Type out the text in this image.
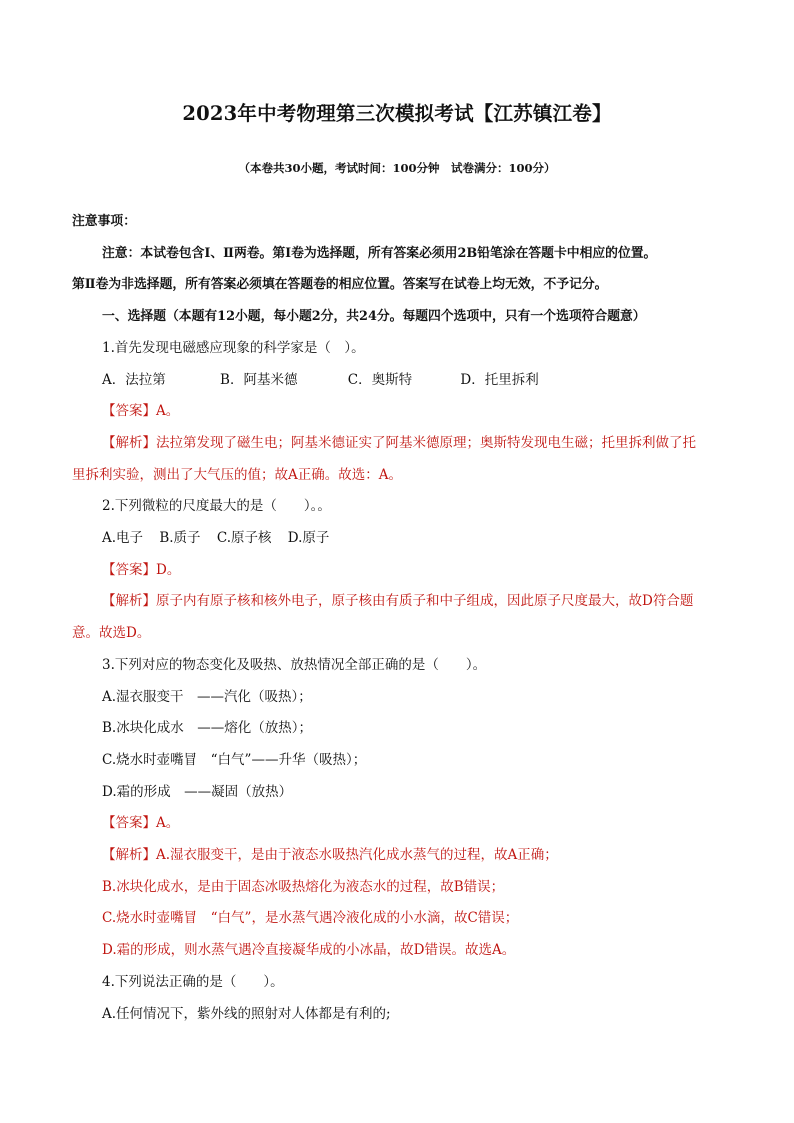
2023年中考物理第三次模拟考试【江苏镇江卷】
（本卷共30小题，考试时间：100分钟　试卷满分：100分）
注意事项：
注意：本试卷包含Ⅰ、Ⅱ两卷。第Ⅰ卷为选择题，所有答案必须用2B铅笔涂在答题卡中相应的位置。
第Ⅱ卷为非选择题，所有答案必须填在答题卷的相应位置。答案写在试卷上均无效，不予记分。
一、选择题（本题有12小题，每小题2分，共24分。每题四个选项中，只有一个选项符合题意）
1.首先发现电磁感应现象的科学家是（　）。
A．法拉第	B．阿基米德	C．奥斯特	D．托里拆利
【答案】A。
【解析】法拉第发现了磁生电；阿基米德证实了阿基米德原理；奥斯特发现电生磁；托里拆利做了托
里拆利实验，测出了大气压的值；故A正确。故选：A。
2.下列微粒的尺度最大的是（　　）。。
A.电子 B.质子 C.原子核 D.原子
【答案】D。
【解析】原子内有原子核和核外电子，原子核由有质子和中子组成，因此原子尺度最大，故D符合题
意。故选D。
3.下列对应的物态变化及吸热、放热情况全部正确的是（　　）。
A.湿衣服变干　——汽化（吸热）；
B.冰块化成水　——熔化（放热）；
C.烧水时壶嘴冒　“白气”——升华（吸热）；
D.霜的形成　——凝固（放热）
【答案】A。
【解析】A.湿衣服变干，是由于液态水吸热汽化成水蒸气的过程，故A正确；
B.冰块化成水，是由于固态冰吸热熔化为液态水的过程，故B错误；
C.烧水时壶嘴冒　“白气”，是水蒸气遇冷液化成的小水滴，故C错误；
D.霜的形成，则水蒸气遇冷直接凝华成的小冰晶，故D错误。故选A。
4.下列说法正确的是（　　）。
A.任何情况下，紫外线的照射对人体都是有利的;
